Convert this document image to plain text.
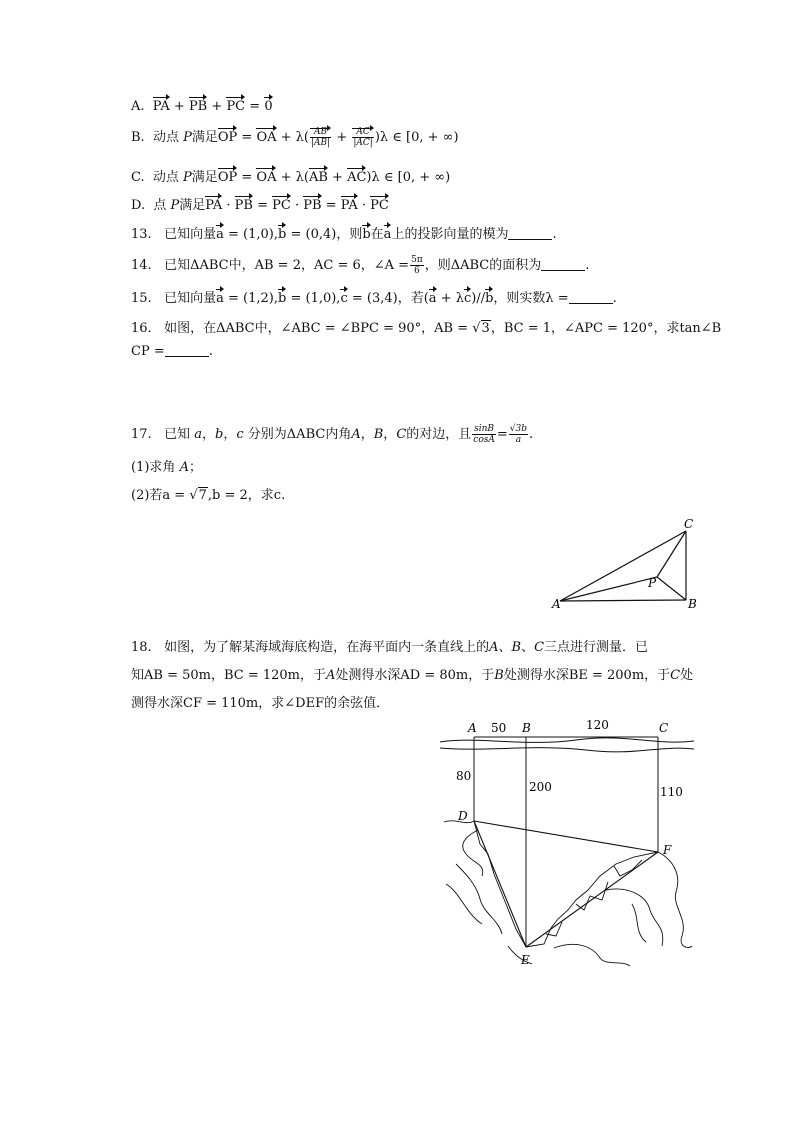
A. PA + PB + PC = 0
B. 动点 P满足OP = OA + $\lambda( \frac{AB}{|AB|} + \frac{AC}{|AC|} )\lambda$ ∈ [0, + ∞)
C. 动点 P满足OP = OA + λ(AB + AC)λ ∈ [0, + ∞)
D. 点 P满足PA · PB = PC · PB = PA · PC
13. 已知向量a = (1,0),b = (0,4)，则b在a上的投影向量的模为	.
14. 已知ΔABC中，AB = 2，AC = 6，∠A = $\frac{5\pi}{6}$ ，则ΔABC的面积为	.
15. 已知向量a = (1,2),b = (1,0),c = (3,4)，若(a + λc)//b，则实数λ =	.
16. 如图，在ΔABC中，∠ABC = ∠BPC = 90°，AB = √3，BC = 1，∠APC = 120°，求tan∠B
CP =	.
17. 已知 a，b，c 分别为ΔABC内角A，B，C的对边，且 $\frac{\sin B}{\cos A} = \frac{√3b}{a}$ .
(1)求角 A；
(2)若a = √7,b = 2，求c.
A	B
C
P
18. 如图，为了解某海域海底构造，在海平面内一条直线上的A、B、C三点进行测量．已
知AB = 50m，BC = 120m，于A处测得水深AD = 80m，于B处测得水深BE = 200m，于C处
测得水深CF = 110m，求∠DEF的余弦值．
A 50 B	120	C
80
200	110
D
F
E
